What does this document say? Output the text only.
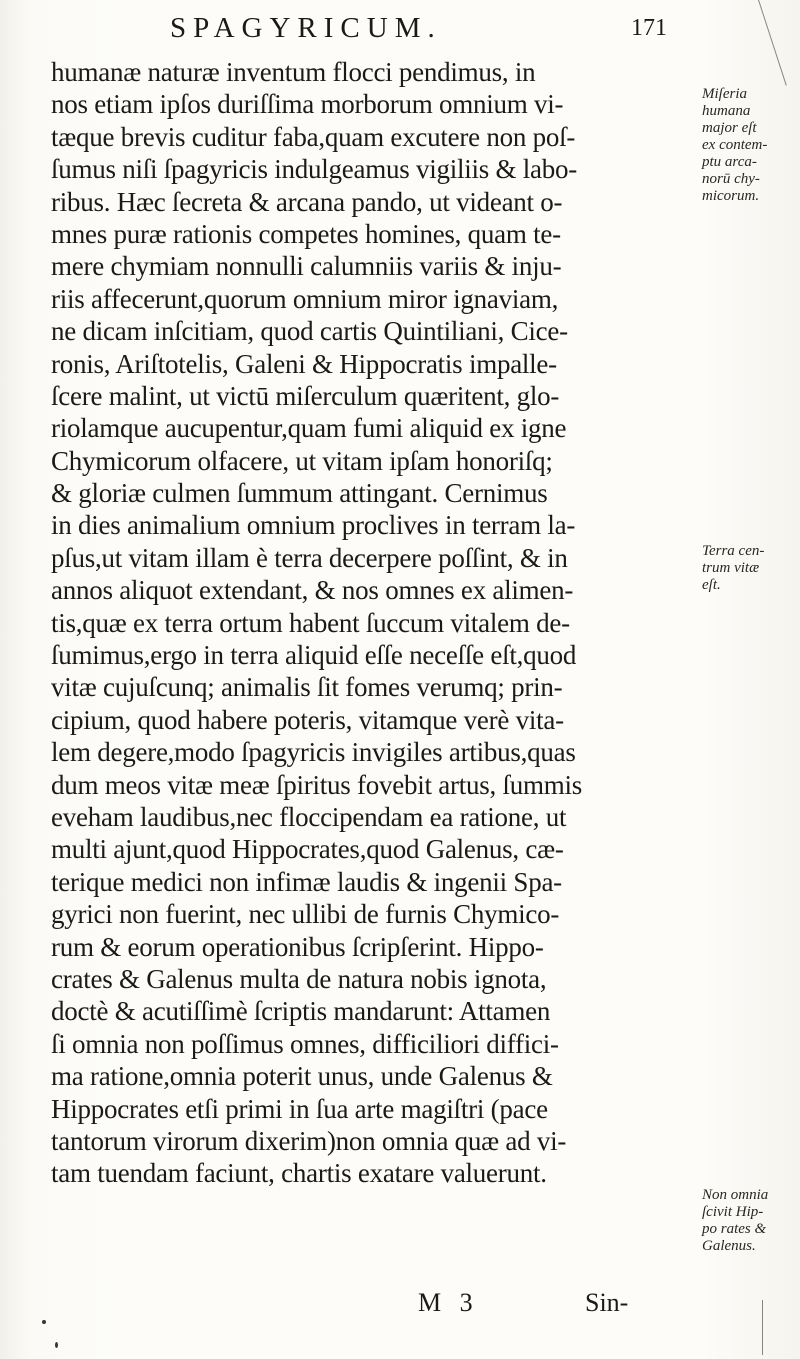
SPAGYRICUM.	171
humanæ naturæ inventum flocci pendimus, in
nos etiam ipſos duriſſima morborum omnium vi-
tæque brevis cuditur faba,quam excutere non poſ-
ſumus niſi ſpagyricis indulgeamus vigiliis & labo-
ribus. Hæc ſecreta & arcana pando, ut videant o-
mnes puræ rationis competes homines, quam te-
mere chymiam nonnulli calumniis variis & inju-
riis affecerunt,quorum omnium miror ignaviam,
ne dicam inſcitiam, quod cartis Quintiliani, Cice-
ronis, Ariſtotelis, Galeni & Hippocratis impalle-
ſcere malint, ut victū miſerculum quæritent, glo-
riolamque aucupentur,quam fumi aliquid ex igne
Chymicorum olfacere, ut vitam ipſam honoriſq;
& gloriæ culmen ſummum attingant. Cernimus
in dies animalium omnium proclives in terram la-
pſus,ut vitam illam è terra decerpere poſſint, & in
annos aliquot extendant, & nos omnes ex alimen-
tis,quæ ex terra ortum habent ſuccum vitalem de-
ſumimus,ergo in terra aliquid eſſe neceſſe eſt,quod
vitæ cujuſcunq; animalis ſit fomes verumq; prin-
cipium, quod habere poteris, vitamque verè vita-
lem degere,modo ſpagyricis invigiles artibus,quas
dum meos vitæ meæ ſpiritus fovebit artus, ſummis
eveham laudibus,nec floccipendam ea ratione, ut
multi ajunt,quod Hippocrates,quod Galenus, cæ-
terique medici non infimæ laudis & ingenii Spa-
gyrici non fuerint, nec ullibi de furnis Chymico-
rum & eorum operationibus ſcripſerint. Hippo-
crates & Galenus multa de natura nobis ignota,
doctè & acutiſſimè ſcriptis mandarunt: Attamen
ſi omnia non poſſimus omnes, difficiliori diffici-
ma ratione,omnia poterit unus, unde Galenus &
Hippocrates etſi primi in ſua arte magiſtri (pace
tantorum virorum dixerim)non omnia quæ ad vi-
tam tuendam faciunt, chartis exatare valuerunt.
Miſeria
humana
major eſt
ex contem-
ptu arca-
norū chy-
micorum.
Terra cen-
trum vitæ
eſt.
Non omnia
ſcivit Hip-
po rates &
Galenus.
M 3	Sin-
